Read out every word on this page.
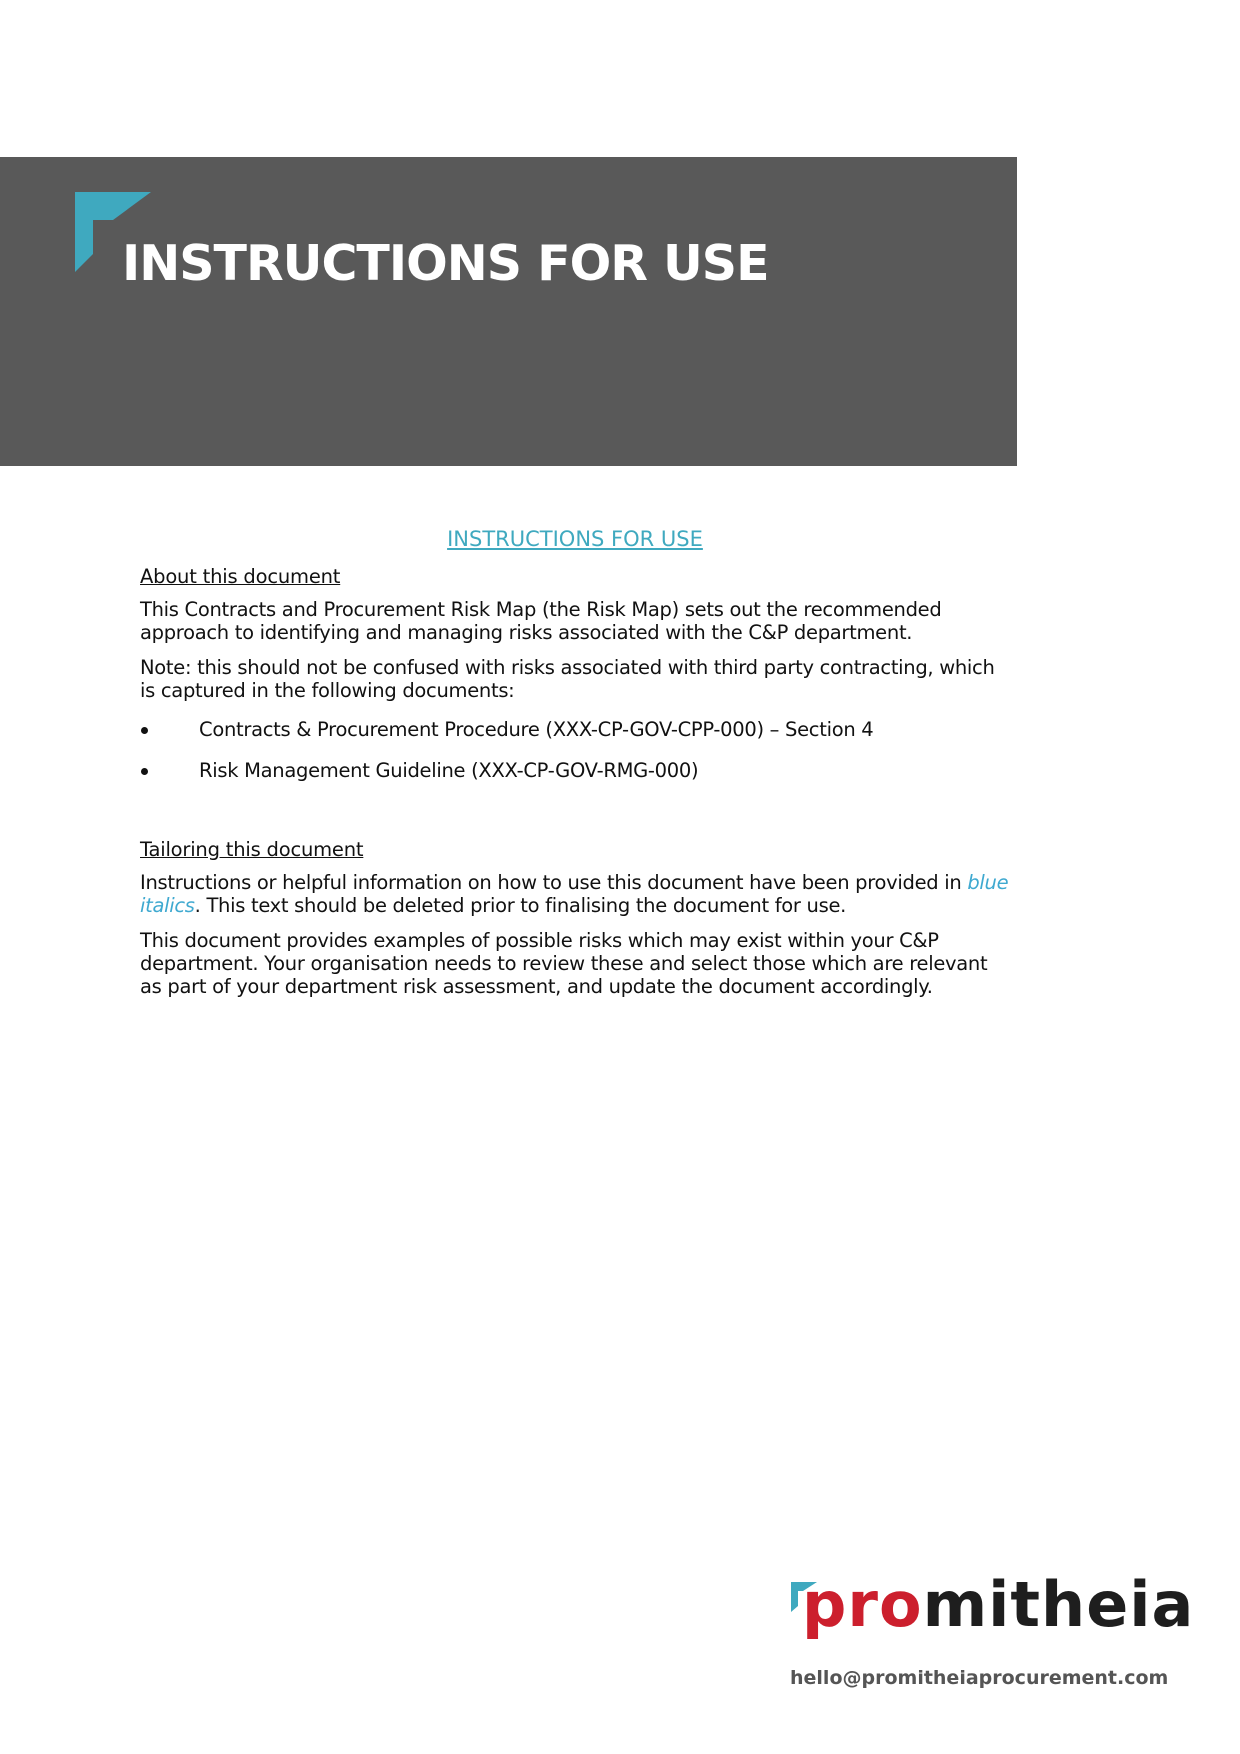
INSTRUCTIONS FOR USE
INSTRUCTIONS FOR USE
About this document

This Contracts and Procurement Risk Map (the Risk Map) sets out the recommended approach to identifying and managing risks associated with the C&P department.

Note: this should not be confused with risks associated with third party contracting, which is captured in the following documents:

Contracts & Procurement Procedure (XXX-CP-GOV-CPP-000) – Section 4
Risk Management Guideline (XXX-CP-GOV-RMG-000)
Tailoring this document

Instructions or helpful information on how to use this document have been provided in blue italics. This text should be deleted prior to finalising the document for use.

This document provides examples of possible risks which may exist within your C&P department. Your organisation needs to review these and select those which are relevant as part of your department risk assessment, and update the document accordingly.

promitheia
hello@promitheiaprocurement.com
